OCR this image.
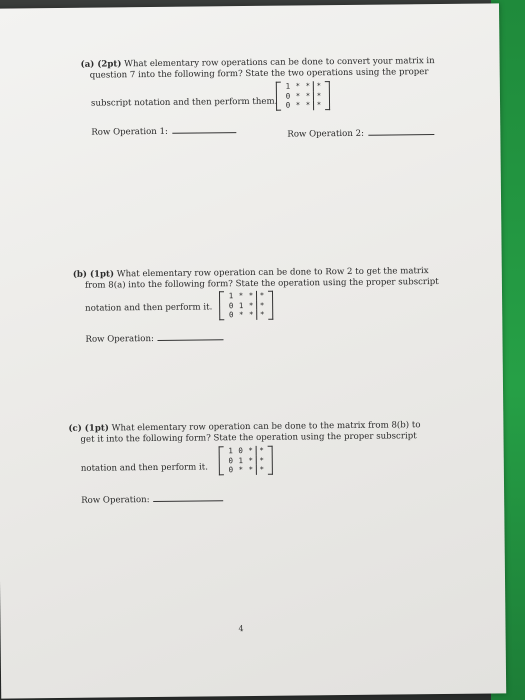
(a) (2pt) What elementary row operations can be done to convert your matrix in
question 7 into the following form? State the two operations using the proper
subscript notation and then perform them.
1 * * *
0 * * *
0 * * *
Row Operation 1:	Row Operation 2:
(b) (1pt) What elementary row operation can be done to Row 2 to get the matrix
from 8(a) into the following form? State the operation using the proper subscript
notation and then perform it.
1 * * *
0 1 * *
0 * * *
Row Operation:
(c) (1pt) What elementary row operation can be done to the matrix from 8(b) to
get it into the following form? State the operation using the proper subscript
notation and then perform it.
1 0 * *
0 1 * *
0 * * *
Row Operation:
4
